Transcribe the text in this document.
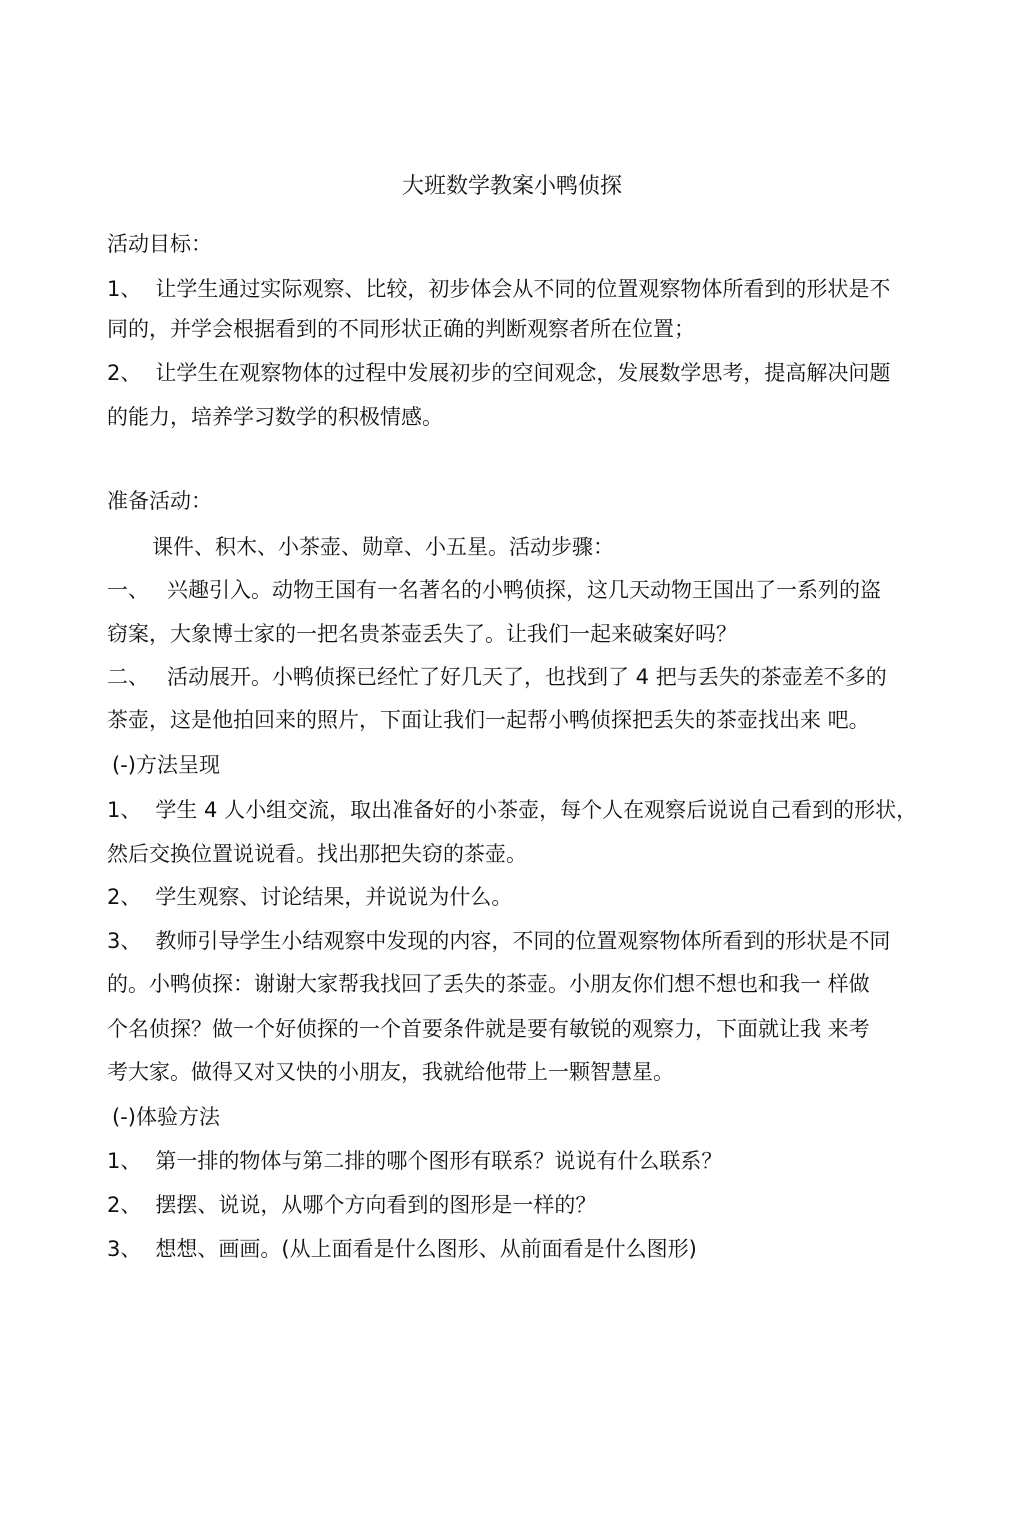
大班数学教案小鸭侦探
活动目标：
1、 让学生通过实际观察、比较，初步体会从不同的位置观察物体所看到的形状是不
同的，并学会根据看到的不同形状正确的判断观察者所在位置；
2、 让学生在观察物体的过程中发展初步的空间观念，发展数学思考，提高解决问题
的能力，培养学习数学的积极情感。
准备活动：
课件、积木、小茶壶、勋章、小五星。活动步骤：
一、 兴趣引入。动物王国有一名著名的小鸭侦探，这几天动物王国出了一系列的盗
窃案，大象博士家的一把名贵茶壶丢失了。让我们一起来破案好吗？
二、 活动展开。小鸭侦探已经忙了好几天了，也找到了 4 把与丢失的茶壶差不多的
茶壶，这是他拍回来的照片，下面让我们一起帮小鸭侦探把丢失的茶壶找出来 吧。
(-)方法呈现
1、 学生 4 人小组交流，取出准备好的小茶壶，每个人在观察后说说自己看到的形状，
然后交换位置说说看。找出那把失窃的茶壶。
2、 学生观察、讨论结果，并说说为什么。
3、 教师引导学生小结观察中发现的内容，不同的位置观察物体所看到的形状是不同
的。小鸭侦探：谢谢大家帮我找回了丢失的茶壶。小朋友你们想不想也和我一 样做
个名侦探？做一个好侦探的一个首要条件就是要有敏锐的观察力，下面就让我 来考
考大家。做得又对又快的小朋友，我就给他带上一颗智慧星。
(-)体验方法
1、 第一排的物体与第二排的哪个图形有联系？说说有什么联系？
2、 摆摆、说说，从哪个方向看到的图形是一样的？
3、 想想、画画。(从上面看是什么图形、从前面看是什么图形)
